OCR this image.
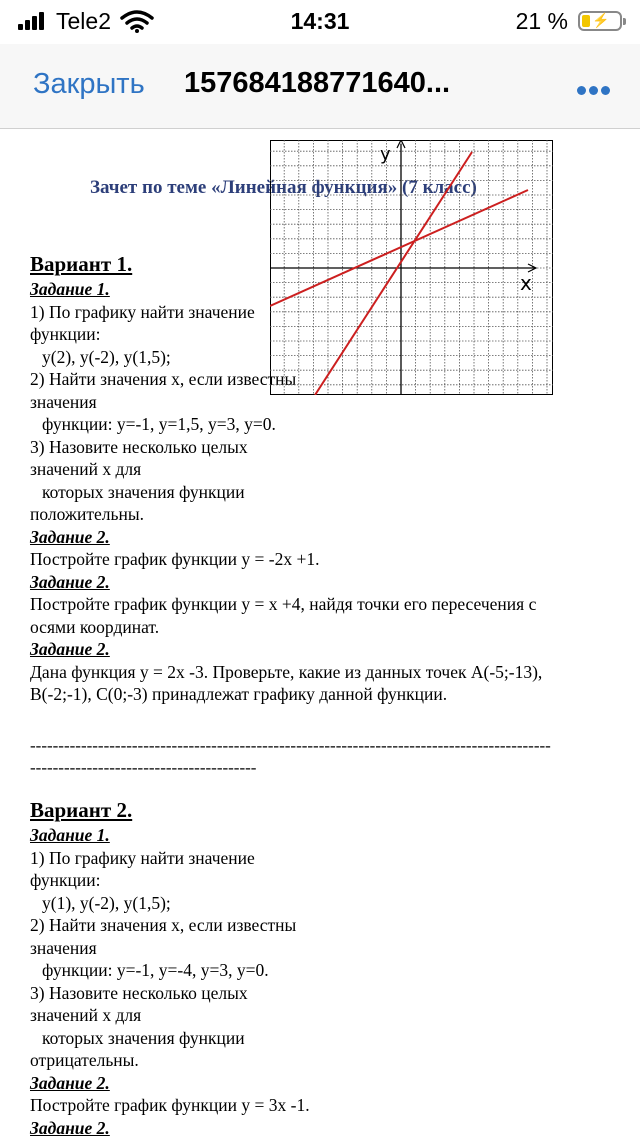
Tele2	14:31	21 % ⚡
Закрыть 157684188771640...
Зачет по теме «Линейная функция» (7 класс)
y
x
Вариант 1.
Задание 1.
1) По графику найти значение
функции:
y(2), y(-2), y(1,5);
2) Найти значения х, если известны
значения
функции: у=-1, у=1,5, у=3, у=0.
3) Назовите несколько целых
значений х для
которых значения функции
положительны.
Задание 2.
Постройте график функции у = -2х +1.
Задание 2.
Постройте график функции у = х +4, найдя точки его пересечения с
осями координат.
Задание 2.
Дана функция у = 2х -3. Проверьте, какие из данных точек А(-5;-13),
В(-2;-1), С(0;-3) принадлежат графику данной функции.
--------------------------------------------------------------------------------------------
----------------------------------------
Вариант 2.
Задание 1.
1) По графику найти значение
функции:
y(1), y(-2), y(1,5);
2) Найти значения х, если известны
значения
функции: у=-1, у=-4, у=3, у=0.
3) Назовите несколько целых
значений х для
которых значения функции
отрицательны.
Задание 2.
Постройте график функции у = 3х -1.
Задание 2.
